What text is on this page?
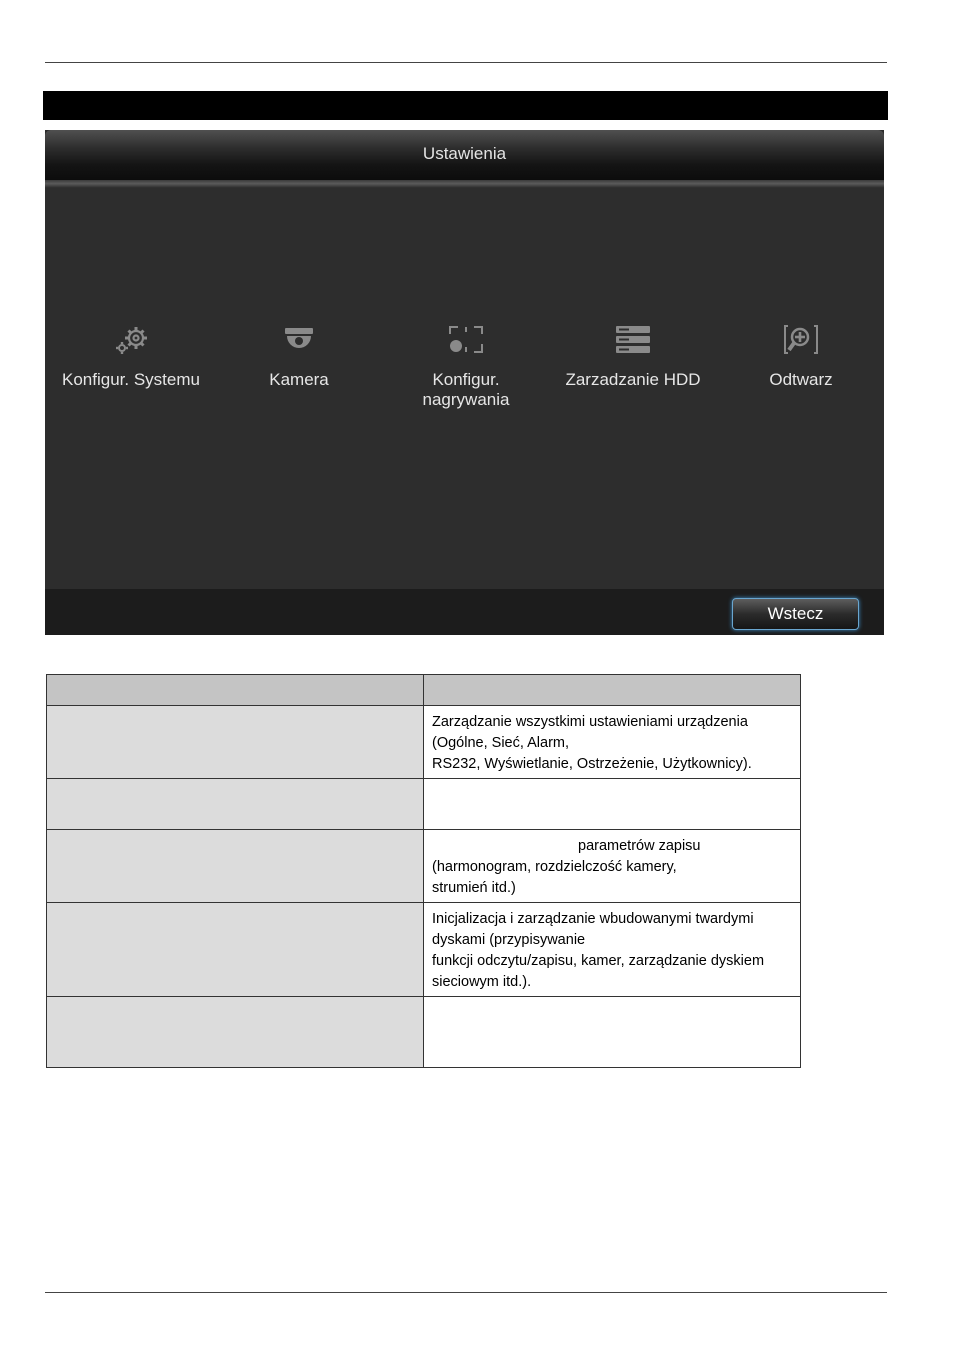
Ustawienia
Konfigur. Systemu	Kamera	Konfigur.
nagrywania
Zarzadzanie HDD	Odtwarz
Wstecz

	Zarządzanie wszystkimi ustawieniami urządzenia (Ogólne, Sieć, Alarm,
RS232, Wyświetlanie, Ostrzeżenie, Użytkownicy).

	parametrów zapisu (harmonogram, rozdzielczość kamery,
strumień itd.)
	Inicjalizacja i zarządzanie wbudowanymi twardymi dyskami (przypisywanie
funkcji odczytu/zapisu, kamer, zarządzanie dyskiem sieciowym itd.).
